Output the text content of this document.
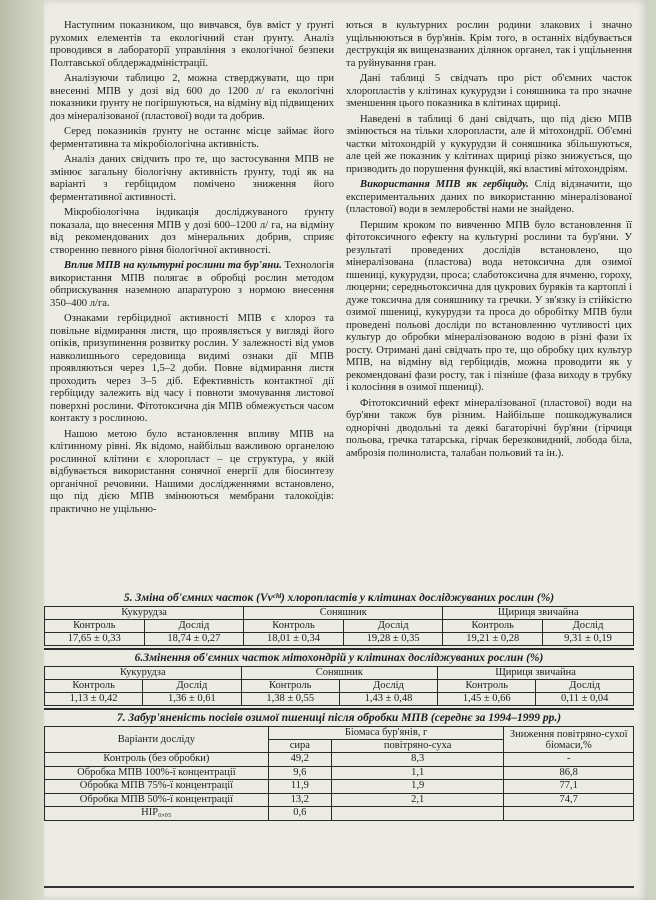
Наступним показником, що вивчався, був вміст у ґрунті рухомих елементів та екологічний стан ґрунту. Аналіз проводився в лабораторії управління з екологічної безпеки Полтавської облдержадміністрації.

Аналізуючи таблицю 2, можна стверджувати, що при внесенні МПВ у дозі від 600 до 1200 л/ га екологічні показники ґрунту не погіршуються, на відміну від підвищених доз мінералізованої (пластової) води та добрив.

Серед показників ґрунту не останнє місце займає його ферментативна та мікробіологічна активність.

Аналіз даних свідчить про те, що застосування МПВ не змінює загальну біологічну активність ґрунту, тоді як на варіанті з гербіцидом помічено зниження його ферментативної активності.

Мікробіологічна індикація досліджуваного ґрунту показала, що внесення МПВ у дозі 600–1200 л/ га, на відміну від рекомендованих доз мінеральних добрив, сприяє створенню певного рівня біологічної активності.

Вплив МПВ на культурні рослини та бур'яни. Технологія використання МПВ полягає в обробці рослин методом обприскування наземною апаратурою з нормою внесення 350–400 л/га.

Ознаками гербіцидної активності МПВ є хлороз та повільне відмирання листя, що проявляється у вигляді його опіків, призупинення розвитку рослин. У залежності від умов навколишнього середовища видимі ознаки дії МПВ проявляються через 1,5–2 доби. Повне відмирання листя проходить через 3–5 діб. Ефективність контактної дії гербіциду залежить від часу і повноти змочування листової поверхні рослини. Фітотоксична дія МПВ обмежується часом контакту з рослиною.

Нашою метою було встановлення впливу МПВ на клітинному рівні. Як відомо, найбільш важливою органелою рослинної клітини є хлоропласт – це структура, у якій відбувається використання сонячної енергії для біосинтезу органічної речовини. Нашими дослідженнями встановлено, що під дією МПВ змінюються мембрани талокоїдів: практично не ущільню-

ються в культурних рослин родини злакових і значно ущільнюються в бур'янів. Крім того, в останніх відбувається деструкція як вищеназваних ділянок органел, так і ущільнення та руйнування гран.

Дані таблиці 5 свідчать про ріст об'ємних часток хлоропластів у клітинах кукурудзи і соняшника та про значне зменшення цього показника в клітинах щириці.

Наведені в таблиці 6 дані свідчать, що під дією МПВ змінюється на тільки хлоропласти, але й мітохондрії. Об'ємні частки мітохондрій у кукурудзи й соняшника збільшуються, але цей же показник у клітинах щириці різко знижується, що призводить до порушення функцій, які властиві мітохондріям.

Використання МПВ як гербіциду. Слід відзначити, що експериментальних даних по використанню мінералізованої (пластової) води в землеробстві нами не знайдено.

Першим кроком по вивченню МПВ було встановлення її фітотоксичного ефекту на культурні рослини та бур'яни. У результаті проведених дослідів встановлено, що мінералізована (пластова) вода нетоксична для озимої пшениці, кукурудзи, проса; слаботоксична для ячменю, гороху, люцерни; середньотоксична для цукрових буряків та картоплі і дуже токсична для соняшнику та гречки. У зв'язку із стійкістю озимої пшениці, кукурудзи та проса до обробітку МПВ були проведені польові досліди по встановленню чутливості цих культур до обробки мінералізованою водою в різні фази їх росту. Отримані дані свідчать про те, що обробку цих культур МПВ, на відміну від гербіцидів, можна проводити як у рекомендовані фази росту, так і пізніше (фаза виходу в трубку і колосіння в озимої пшениці).

Фітотоксичний ефект мінералізованої (пластової) води на бур'яни також був різним. Найбільше пошкоджувалися однорічні дводольні та деякі багаторічні бур'яни (гірчиця польова, гречка татарська, гірчак березковидний, лобода біла, амброзія полинолиста, талабан польовий та ін.).

5. Зміна об'ємних часток (Vvᶜʰˡ) хлоропластів у клітинах досліджуваних рослин (%)
Кукурудза		Соняшник		Щириця звичайна	
Контроль	Дослід	Контроль	Дослід	Контроль	Дослід
17,65 ± 0,33	18,74 ± 0,27	18,01 ± 0,34	19,28 ± 0,35	19,21 ± 0,28	9,31 ± 0,19
6.Змінення об'ємних часток мітохондрій у клітинах досліджуваних рослин (%)
Кукурудза		Соняшник		Щириця звичайна	
Контроль	Дослід	Контроль	Дослід	Контроль	Дослід
1,13 ± 0,42	1,36 ± 0,61	1,38 ± 0,55	1,43 ± 0,48	1,45 ± 0,66	0,11 ± 0,04
7. Забур'яненість посівів озимої пшениці після обробки МПВ (середнє за 1994–1999 рр.)
Варіанти досліду	Біомаса бур'янів, г		Зниження повітряно-сухої біомаси,%
	сира	повітряно-суха	
Контроль (без обробки)	49,2	8,3	-
Обробка МПВ 100%-ї концентрації	9,6	1,1	86,8
Обробка МПВ 75%-ї концентрації	11,9	1,9	77,1
Обробка МПВ 50%-ї концентрації	13,2	2,1	74,7
НІР₀,₀₅	0,6		
